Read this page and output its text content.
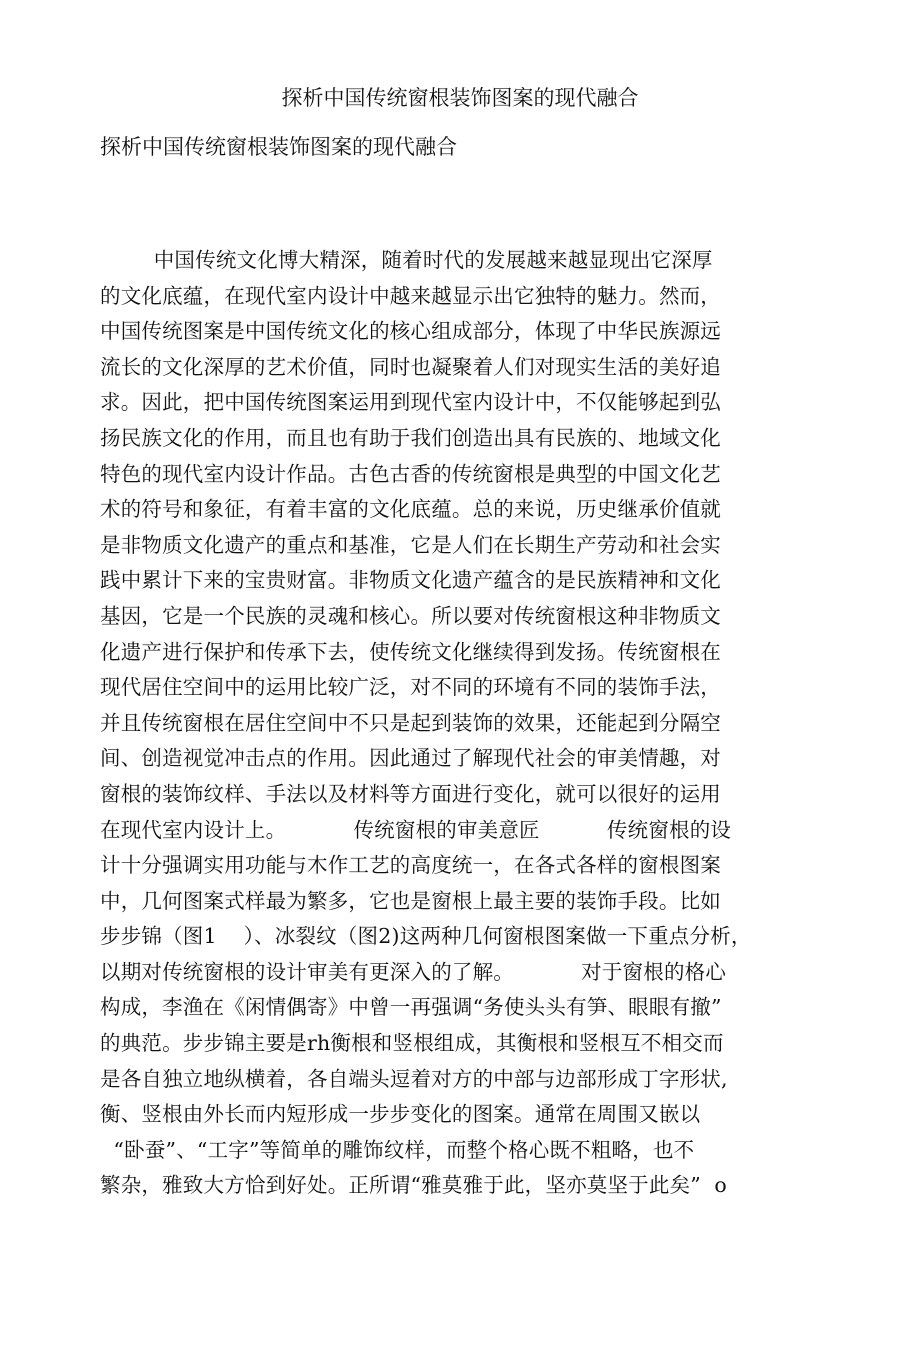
探析中国传统窗根装饰图案的现代融合
探析中国传统窗根装饰图案的现代融合
中国传统文化博大精深，随着时代的发展越来越显现出它深厚
的文化底蕴，在现代室内设计中越来越显示出它独特的魅力。然而，
中国传统图案是中国传统文化的核心组成部分，体现了中华民族源远
流长的文化深厚的艺术价值，同时也凝聚着人们对现实生活的美好追
求。因此，把中国传统图案运用到现代室内设计中，不仅能够起到弘
扬民族文化的作用，而且也有助于我们创造出具有民族的、地域文化
特色的现代室内设计作品。古色古香的传统窗根是典型的中国文化艺
术的符号和象征，有着丰富的文化底蕴。总的来说，历史继承价值就
是非物质文化遗产的重点和基准，它是人们在长期生产劳动和社会实
践中累计下来的宝贵财富。非物质文化遗产蕴含的是民族精神和文化
基因，它是一个民族的灵魂和核心。所以要对传统窗根这种非物质文
化遗产进行保护和传承下去，使传统文化继续得到发扬。传统窗根在
现代居住空间中的运用比较广泛，对不同的环境有不同的装饰手法，
并且传统窗根在居住空间中不只是起到装饰的效果，还能起到分隔空
间、创造视觉冲击点的作用。因此通过了解现代社会的审美情趣，对
窗根的装饰纹样、手法以及材料等方面进行变化，就可以很好的运用
在现代室内设计上。          传统窗根的审美意匠          传统窗根的设
计十分强调实用功能与木作工艺的高度统一，在各式各样的窗根图案
中，几何图案式样最为繁多，它也是窗根上最主要的装饰手段。比如
步步锦（图1    ）、冰裂纹（图2)这两种几何窗根图案做一下重点分析，
以期对传统窗根的设计审美有更深入的了解。          对于窗根的格心
构成，李渔在《闲情偶寄》中曾一再强调“务使头头有笋、眼眼有撤”
的典范。步步锦主要是rh衡根和竖根组成，其衡根和竖根互不相交而
是各自独立地纵横着，各自端头逗着对方的中部与边部形成丁字形状,
衡、竖根由外长而内短形成一步步变化的图案。通常在周围又嵌以
“卧蚕”、“工字”等简单的雕饰纹样，而整个格心既不粗略，也不
繁杂，雅致大方恰到好处。正所谓“雅莫雅于此，坚亦莫坚于此矣”  o
